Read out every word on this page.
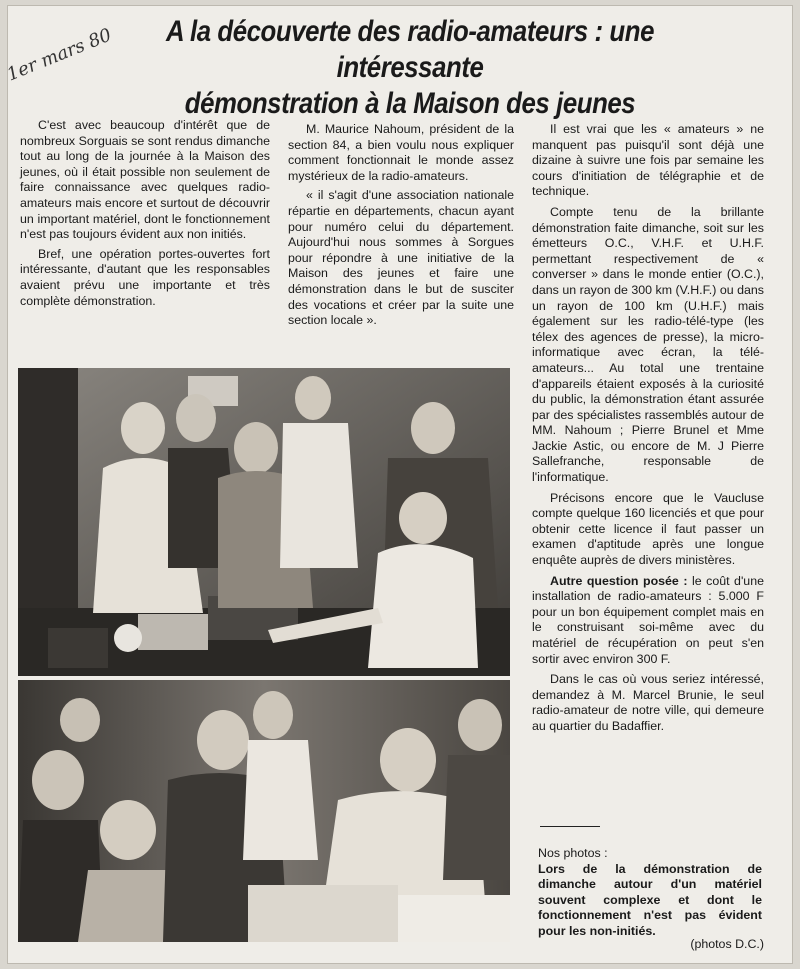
1er mars 80	A la découverte des radio-amateurs : une intéressante
démonstration à la Maison des jeunes

C'est avec beaucoup d'intérêt que de nombreux Sorguais se sont rendus dimanche tout au long de la journée à la Maison des jeunes, où il était possible non seulement de faire connaissance avec quelques radio-amateurs mais encore et surtout de découvrir un important matériel, dont le fonctionnement n'est pas toujours évident aux non initiés.

Bref, une opération portes-ouvertes fort intéressante, d'autant que les responsables avaient prévu une importante et très complète démonstration.

M. Maurice Nahoum, président de la section 84, a bien voulu nous expliquer comment fonctionnait le monde assez mystérieux de la radio-amateurs.

« il s'agit d'une association nationale répartie en départements, chacun ayant pour numéro celui du département. Aujourd'hui nous sommes à Sorgues pour répondre à une initiative de la Maison des jeunes et faire une démonstration dans le but de susciter des vocations et créer par la suite une section locale ».

Il est vrai que les « amateurs » ne manquent pas puisqu'il sont déjà une dizaine à suivre une fois par semaine les cours d'initiation de télégraphie et de technique.

Compte tenu de la brillante démonstration faite dimanche, soit sur les émetteurs O.C., V.H.F. et U.H.F. permettant respectivement de « converser » dans le monde entier (O.C.), dans un rayon de 300 km (V.H.F.) ou dans un rayon de 100 km (U.H.F.) mais également sur les radio-télé-type (les télex des agences de presse), la micro-informatique avec écran, la télé-amateurs... Au total une trentaine d'appareils étaient exposés à la curiosité du public, la démonstration étant assurée par des spécialistes rassemblés autour de MM. Nahoum ; Pierre Brunel et Mme Jackie Astic, ou encore de M. J Pierre Sallefranche, responsable de l'informatique.

Précisons encore que le Vaucluse compte quelque 160 licenciés et que pour obtenir cette licence il faut passer un examen d'aptitude après une longue enquête auprès de divers ministères.

Autre question posée : le coût d'une installation de radio-amateurs : 5.000 F pour un bon équipement complet mais en le construisant soi-même avec du matériel de récupération on peut s'en sortir avec environ 300 F.

Dans le cas où vous seriez intéressé, demandez à M. Marcel Brunie, le seul radio-amateur de notre ville, qui demeure au quartier du Badaffier.

Nos photos :
Lors de la démonstration de dimanche autour d'un matériel souvent complexe et dont le fonctionnement n'est pas évident pour les non-initiés.
(photos D.C.)
